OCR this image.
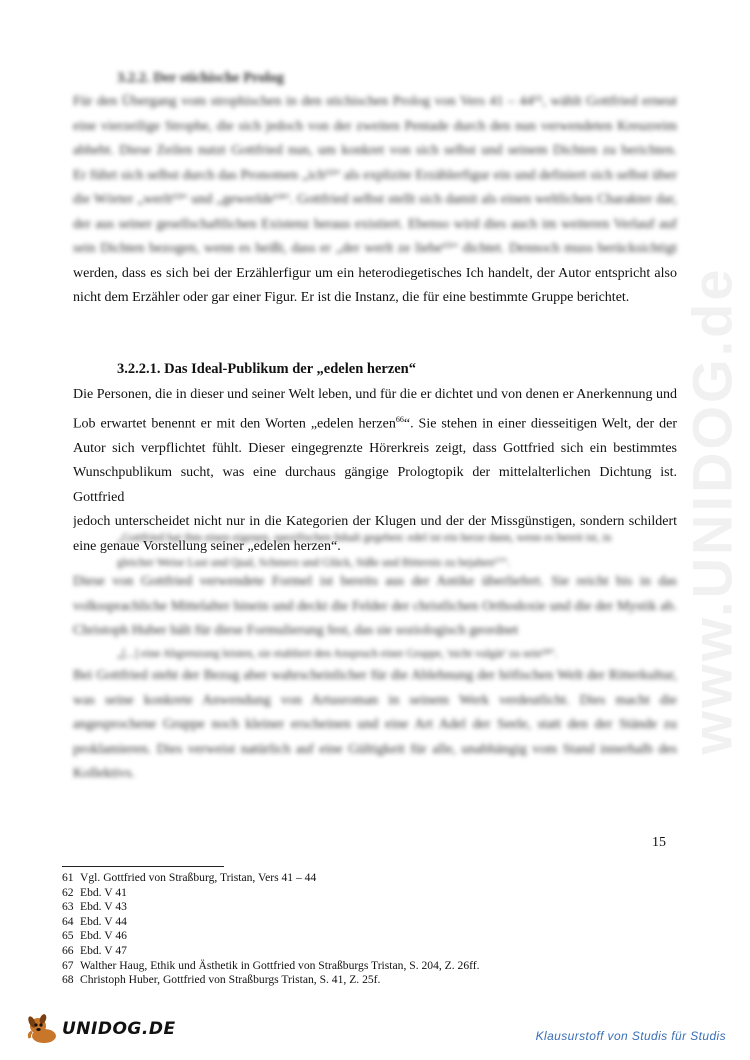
www.UNIDOG.de
3.2.2. Der stichische Prolog
Für den Übergang vom strophischen in den stichischen Prolog von Vers 41 – 44⁶¹, wählt Gottfried erneut
eine vierzeilige Strophe, die sich jedoch von der zweiten Pentade durch den nun verwendeten Kreuzreim
abhebt. Diese Zeilen nutzt Gottfried nun, um konkret von sich selbst und seinem Dichten zu berichten.
Er führt sich selbst durch das Pronomen „ich⁶²“ als explizite Erzählerfigur ein und definiert sich selbst über
die Wörter „werlt⁶³“ und „gewerlde⁶⁴“. Gottfried selbst stellt sich damit als einen weltlichen Charakter dar,
der aus seiner gesellschaftlichen Existenz heraus existiert. Ebenso wird dies auch im weiteren Verlauf auf
sein Dichten bezogen, wenn es heißt, dass er „der werlt ze liebe⁶⁵“ dichtet. Dennoch muss berücksichtigt
werden, dass es sich bei der Erzählerfigur um ein heterodiegetisches Ich handelt, der Autor entspricht also
nicht dem Erzähler oder gar einer Figur. Er ist die Instanz, die für eine bestimmte Gruppe berichtet.
3.2.2.1. Das Ideal-Publikum der „edelen herzen“
Die Personen, die in dieser und seiner Welt leben, und für die er dichtet und von denen er Anerkennung und
Lob erwartet benennt er mit den Worten „edelen herzen$^{66}$“. Sie stehen in einer diesseitigen Welt, der der
Autor sich verpflichtet fühlt. Dieser eingegrenzte Hörerkreis zeigt, dass Gottfried sich ein bestimmtes
Wunschpublikum sucht, was eine durchaus gängige Prologtopik der mittelalterlichen Dichtung ist. Gottfried
jedoch unterscheidet nicht nur in die Kategorien der Klugen und der der Missgünstigen, sondern schildert
eine genaue Vorstellung seiner „edelen herzen“.
„Gottfried hat ihm einen eigenen, spezifischen Inhalt gegeben: edel ist ein herze dann, wenn es bereit ist, in
gleicher Weise Lust und Qual, Schmerz und Glück, Süße und Bitternis zu bejahen⁶⁷“.
Diese von Gottfried verwendete Formel ist bereits aus der Antike überliefert. Sie reicht bis in das
volkssprachliche Mittelalter hinein und deckt die Felder der christlichen Orthodoxie und die der Mystik ab.
Christoph Huber hält für diese Formulierung fest, das sie soziologisch geordnet
„[...] eine Abgrenzung leisten, sie etabliert den Anspruch einer Gruppe, 'nicht vulgär' zu sein⁶⁸“.
Bei Gottfried steht der Bezug aber wahrscheinlicher für die Ablehnung der höfischen Welt der Ritterkultur,
was seine konkrete Anwendung von Artusroman in seinem Werk verdeutlicht. Dies macht die
angesprochene Gruppe noch kleiner erscheinen und eine Art Adel der Seele, statt den der Stände zu
proklamieren. Dies verweist natürlich auf eine Gültigkeit für alle, unabhängig vom Stand innerhalb des
Kollektivs.
15
61 Vgl. Gottfried von Straßburg, Tristan, Vers 41 – 44
62 Ebd. V 41
63 Ebd. V 43
64 Ebd. V 44
65 Ebd. V 46
66 Ebd. V 47
67 Walther Haug, Ethik und Ästhetik in Gottfried von Straßburgs Tristan, S. 204, Z. 26ff.
68 Christoph Huber, Gottfried von Straßburgs Tristan, S. 41, Z. 25f.
UNIDOG.DE	Klausurstoff von Studis für Studis
